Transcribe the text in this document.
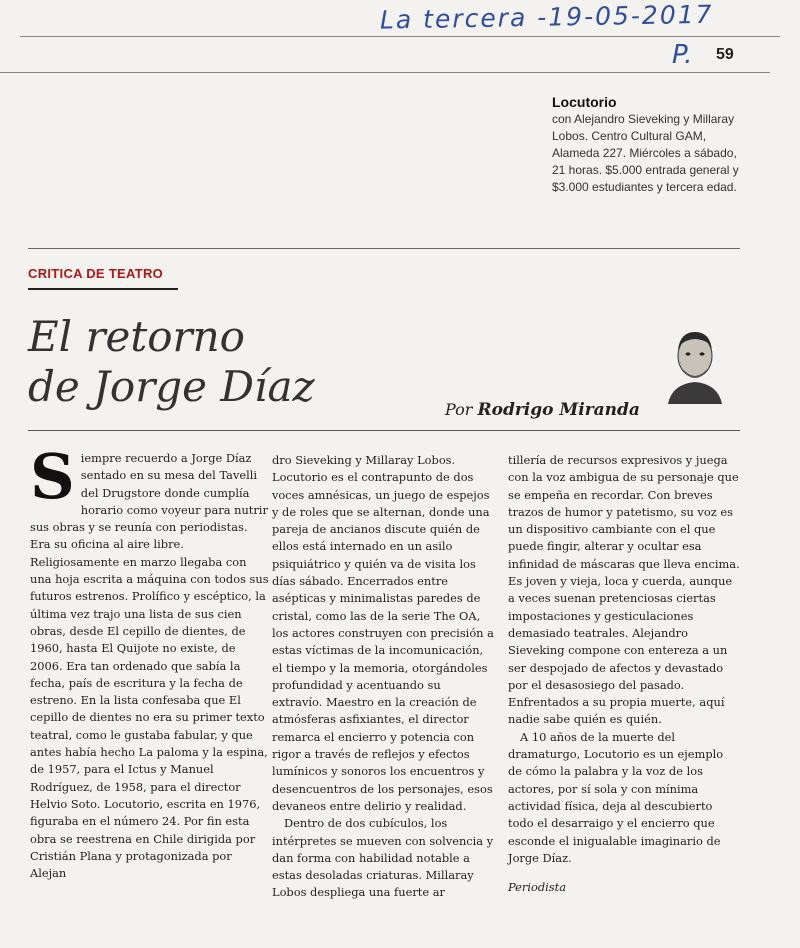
La tercera -19-05-2017
P. 59
Locutorio
con Alejandro Sieveking y Millaray Lobos. Centro Cultural GAM, Alameda 227. Miércoles a sábado, 21 horas. $5.000 entrada general y $3.000 estudiantes y tercera edad.
CRITICA DE TEATRO
El retorno
de Jorge Díaz	Por Rodrigo Miranda
S iempre recuerdo a Jorge Díaz sentado en su mesa del Tavelli del Drugstore donde cumplía horario como voyeur para nutrir sus obras y se reunía con periodistas. Era su oficina al aire libre. Religiosamente en marzo llegaba con una hoja escrita a máquina con todos sus futuros estrenos. Prolífico y escéptico, la última vez trajo una lista de sus cien obras, desde El cepillo de dientes, de 1960, hasta El Quijote no existe, de 2006. Era tan ordenado que sabía la fecha, país de escritura y la fecha de estreno. En la lista confesaba que El cepillo de dientes no era su primer texto teatral, como le gustaba fabular, y que antes había hecho La paloma y la espina, de 1957, para el Ictus y Manuel Rodríguez, de 1958, para el director Helvio Soto. Locutorio, escrita en 1976, figuraba en el número 24. Por fin esta obra se reestrena en Chile dirigida por Cristián Plana y protagonizada por Alejan

dro Sieveking y Millaray Lobos. Locutorio es el contrapunto de dos voces amnésicas, un juego de espejos y de roles que se alternan, donde una pareja de ancianos discute quién de ellos está internado en un asilo psiquiátrico y quién va de visita los días sábado. Encerrados entre asépticas y minimalistas paredes de cristal, como las de la serie The OA, los actores construyen con precisión a estas víctimas de la incomunicación, el tiempo y la memoria, otorgándoles profundidad y acentuando su extravío. Maestro en la creación de atmósferas asfixiantes, el director remarca el encierro y potencia con rigor a través de reflejos y efectos lumínicos y sonoros los encuentros y desencuentros de los personajes, esos devaneos entre delirio y realidad.

Dentro de dos cubículos, los intérpretes se mueven con solvencia y dan forma con habilidad notable a estas desoladas criaturas. Millaray Lobos despliega una fuerte ar

tillería de recursos expresivos y juega con la voz ambigua de su personaje que se empeña en recordar. Con breves trazos de humor y patetismo, su voz es un dispositivo cambiante con el que puede fingir, alterar y ocultar esa infinidad de máscaras que lleva encima. Es joven y vieja, loca y cuerda, aunque a veces suenan pretenciosas ciertas impostaciones y gesticulaciones demasiado teatrales. Alejandro Sieveking compone con entereza a un ser despojado de afectos y devastado por el desasosiego del pasado. Enfrentados a su propia muerte, aquí nadie sabe quién es quién.

A 10 años de la muerte del dramaturgo, Locutorio es un ejemplo de cómo la palabra y la voz de los actores, por sí sola y con mínima actividad física, deja al descubierto todo el desarraigo y el encierro que esconde el inigualable imaginario de Jorge Díaz.

Periodista
